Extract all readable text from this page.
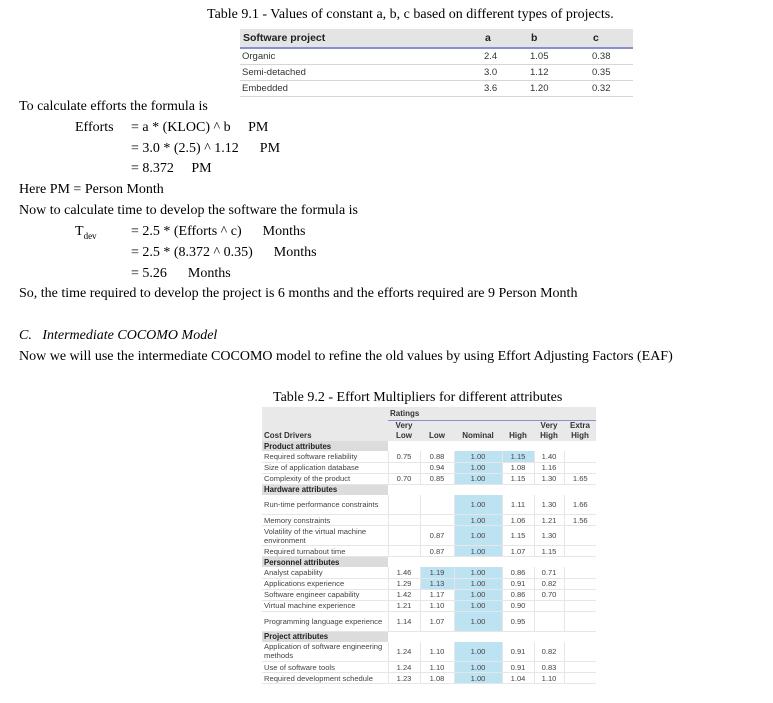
Table 9.1 - Values of constant a, b, c based on different types of projects.
Software project	a	b	c
Organic	2.4	1.05	0.38
Semi-detached	3.0	1.12	0.35
Embedded	3.6	1.20	0.32
To calculate efforts the formula is
Efforts = a * (KLOC) ^ b     PM
= 3.0 * (2.5) ^ 1.12      PM
= 8.372     PM
Here PM = Person Month
Now to calculate time to develop the software the formula is
$T_{dev} = 2.5$ * (Efforts ^ c)      Months
= 2.5 * (8.372 ^ 0.35)      Months
= 5.26      Months
So, the time required to develop the project is 6 months and the efforts required are 9 Person Month
C.   Intermediate COCOMO Model
Now we will use the intermediate COCOMO model to refine the old values by using Effort Adjusting Factors (EAF)
Table 9.2 - Effort Multipliers for different attributes
	Ratings					
	Very				Very	Extra
Cost Drivers	Low	Low	Nominal	High	High	High
Product attributes						
Required software reliability	0.75	0.88	1.00	1.15	1.40	
Size of application database		0.94	1.00	1.08	1.16	
Complexity of the product	0.70	0.85	1.00	1.15	1.30	1.65
Hardware attributes						
Run-time performance constraints			1.00	1.11	1.30	1.66
Memory constraints			1.00	1.06	1.21	1.56
Volatility of the virtual machine environment		0.87	1.00	1.15	1.30	
Required turnabout time		0.87	1.00	1.07	1.15	
Personnel attributes						
Analyst capability	1.46	1.19	1.00	0.86	0.71	
Applications experience	1.29	1.13	1.00	0.91	0.82	
Software engineer capability	1.42	1.17	1.00	0.86	0.70	
Virtual machine experience	1.21	1.10	1.00	0.90		
Programming language experience	1.14	1.07	1.00	0.95		
Project attributes						
Application of software engineering methods	1.24	1.10	1.00	0.91	0.82	
Use of software tools	1.24	1.10	1.00	0.91	0.83	
Required development schedule	1.23	1.08	1.00	1.04	1.10	
